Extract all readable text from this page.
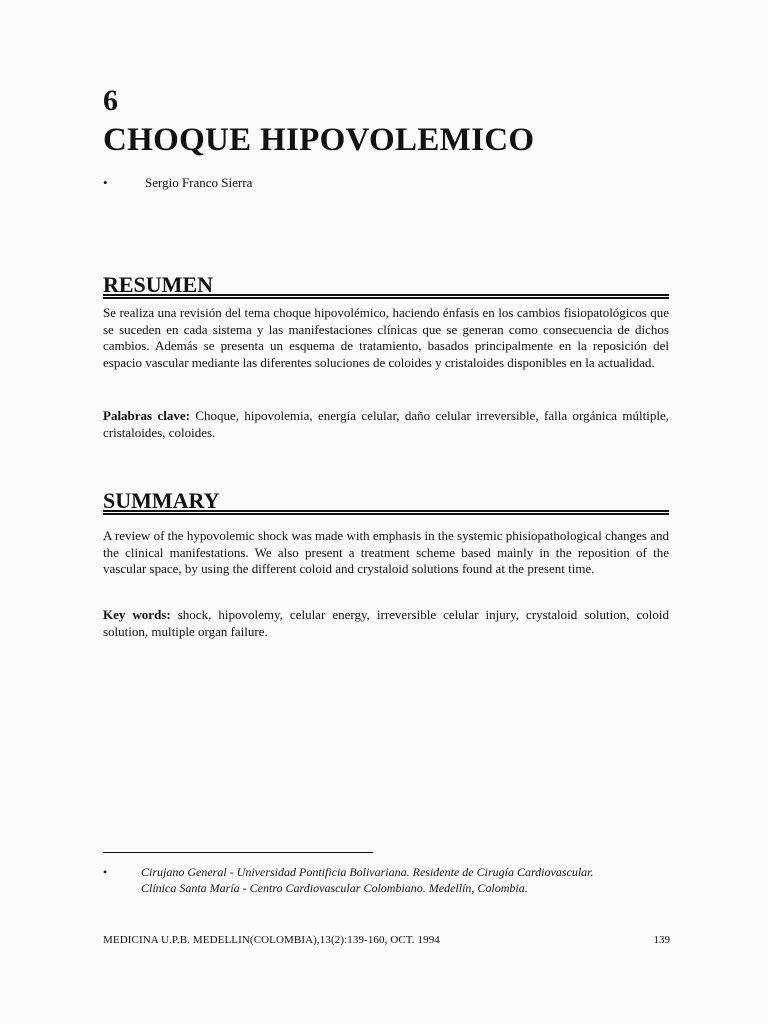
6
CHOQUE HIPOVOLEMICO
•	Sergio Franco Sierra
RESUMEN
Se realiza una revisión del tema choque hipovolémico, haciendo énfasis en los cambios fisiopatológicos que se suceden en cada sistema y las manifestaciones clínicas que se generan como consecuencia de dichos cambios. Además se presenta un esquema de tratamiento, basados principalmente en la reposición del espacio vascular mediante las diferentes soluciones de coloides y cristaloides disponibles en la actualidad.
Palabras clave: Choque, hipovolemia, energía celular, daño celular irreversible, falla orgánica múltiple, cristaloides, coloides.
SUMMARY
A review of the hypovolemic shock was made with emphasis in the systemic phisiopathological changes and the clinical manifestations. We also present a treatment scheme based mainly in the reposition of the vascular space, by using the different coloid and crystaloid solutions found at the present time.
Key words: shock, hipovolemy, celular energy, irreversible celular injury, crystaloid solution, coloid solution, multiple organ failure.
•	Cirujano General - Universidad Pontificia Bolivariana. Residente de Cirugía Cardiovascular.
Clínica Santa María - Centro Cardiovascular Colombiano. Medellín, Colombia.
MEDICINA U.P.B. MEDELLIN(COLOMBIA),13(2):139-160, OCT. 1994	139
